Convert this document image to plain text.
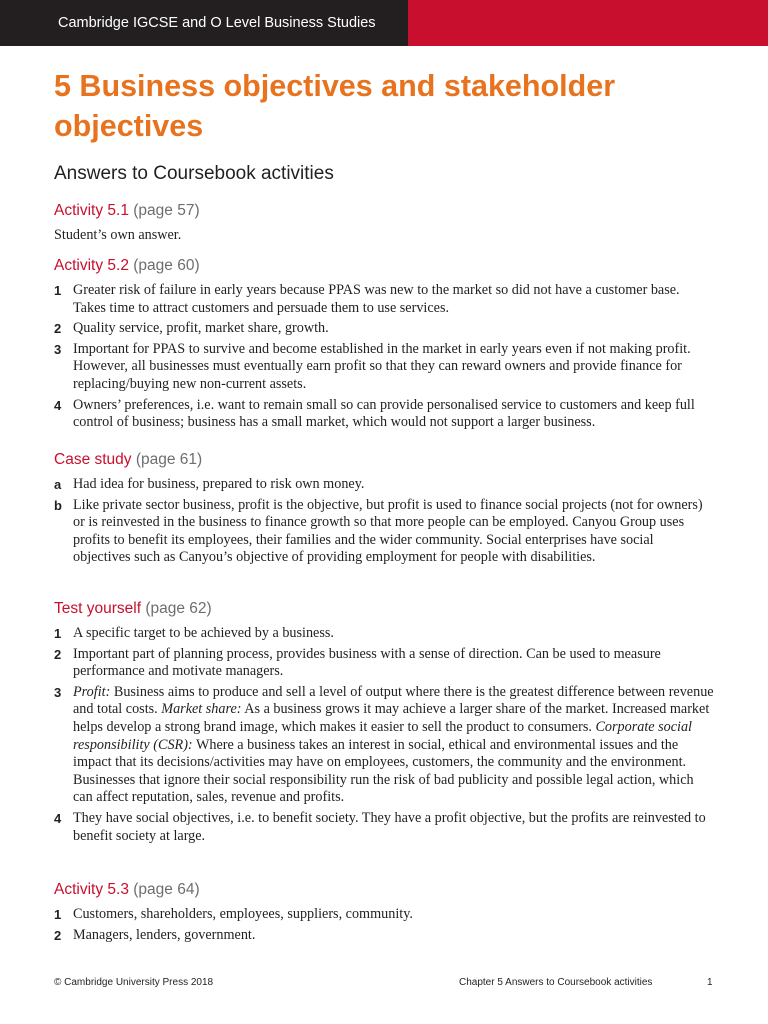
Cambridge IGCSE and O Level Business Studies
5 Business objectives and stakeholder objectives
Answers to Coursebook activities
Activity 5.1 (page 57)

Student’s own answer.

Activity 5.2 (page 60)
1 Greater risk of failure in early years because PPAS was new to the market so did not have a customer base. Takes time to attract customers and persuade them to use services.
2 Quality service, profit, market share, growth.
3 Important for PPAS to survive and become established in the market in early years even if not making profit. However, all businesses must eventually earn profit so that they can reward owners and provide finance for replacing/buying new non-current assets.
4 Owners’ preferences, i.e. want to remain small so can provide personalised service to customers and keep full control of business; business has a small market, which would not support a larger business.
Case study (page 61)
a Had idea for business, prepared to risk own money.
b Like private sector business, profit is the objective, but profit is used to finance social projects (not for owners) or is reinvested in the business to finance growth so that more people can be employed. Canyou Group uses profits to benefit its employees, their families and the wider community. Social enterprises have social objectives such as Canyou’s objective of providing employment for people with disabilities.
Test yourself (page 62)
1 A specific target to be achieved by a business.
2 Important part of planning process, provides business with a sense of direction. Can be used to measure performance and motivate managers.
3 Profit: Business aims to produce and sell a level of output where there is the greatest difference between revenue and total costs. Market share: As a business grows it may achieve a larger share of the market. Increased market helps develop a strong brand image, which makes it easier to sell the product to consumers. Corporate social responsibility (CSR): Where a business takes an interest in social, ethical and environmental issues and the impact that its decisions/activities may have on employees, customers, the community and the environment. Businesses that ignore their social responsibility run the risk of bad publicity and possible legal action, which can affect reputation, sales, revenue and profits.
4 They have social objectives, i.e. to benefit society. They have a profit objective, but the profits are reinvested to benefit society at large.
Activity 5.3 (page 64)
1 Customers, shareholders, employees, suppliers, community.
2 Managers, lenders, government.
© Cambridge University Press 2018	Chapter 5 Answers to Coursebook activities	1
